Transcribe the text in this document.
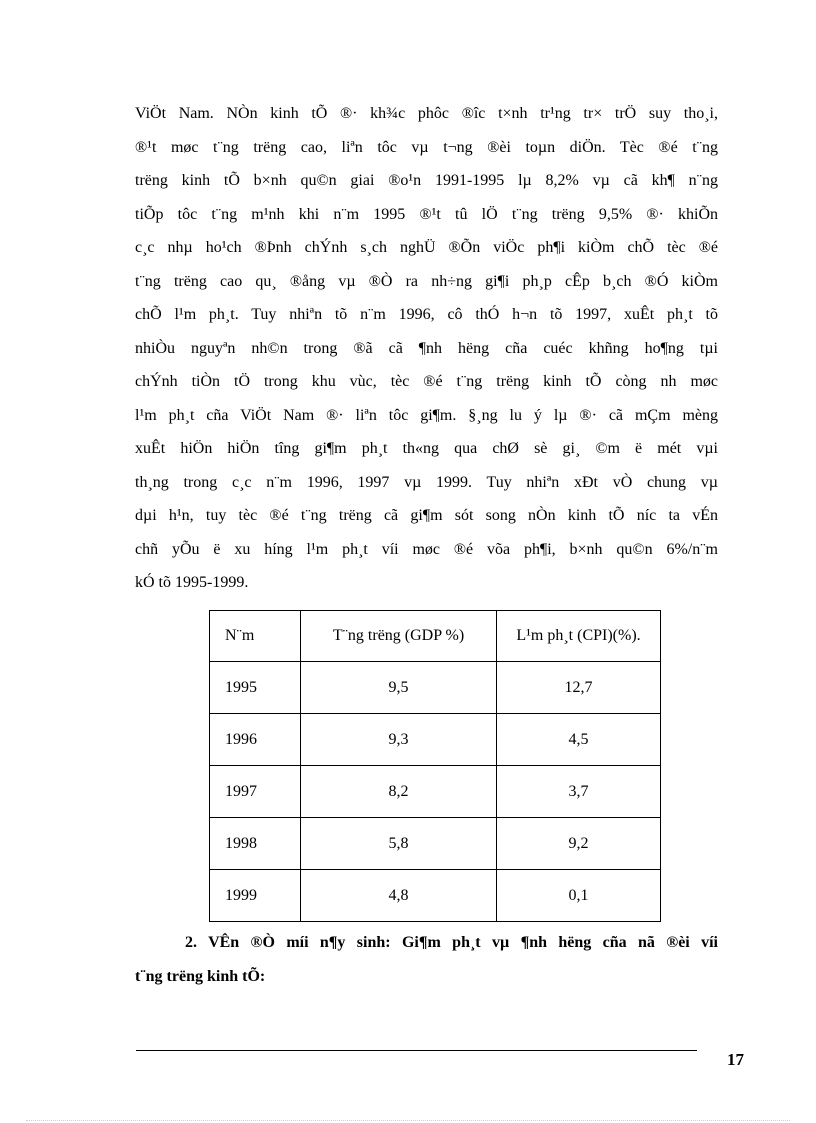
ViÖt Nam. NÒn kinh tÕ ®· kh¾c phôc ®îc t×nh tr¹ng tr× trÖ suy tho¸i,
®¹t møc t¨ng trëng cao, liªn tôc vµ t¬ng ®èi toµn diÖn. Tèc ®é t¨ng
trëng kinh tÕ b×nh qu©n giai ®o¹n 1991-1995 lµ 8,2% vµ cã kh¶ n¨ng
tiÕp tôc t¨ng m¹nh khi n¨m 1995 ®¹t tû lÖ t¨ng trëng 9,5% ®· khiÕn
c¸c nhµ ho¹ch ®Þnh chÝnh s¸ch nghÜ ®Õn viÖc ph¶i kiÒm chÕ tèc ®é
t¨ng trëng cao qu¸ ®ång vµ ®Ò ra nh÷ng gi¶i ph¸p cÊp b¸ch ®Ó kiÒm
chÕ l¹m ph¸t. Tuy nhiªn tõ n¨m 1996, cô thÓ h¬n tõ 1997, xuÊt ph¸t tõ
nhiÒu nguyªn nh©n trong ®ã cã ¶nh hëng cña cuéc khñng ho¶ng tµi
chÝnh tiÒn tÖ trong khu vùc, tèc ®é t¨ng trëng kinh tÕ còng nh møc
l¹m ph¸t cña ViÖt Nam ®· liªn tôc gi¶m. §¸ng lu ý lµ ®· cã mÇm mèng
xuÊt hiÖn hiÖn tîng gi¶m ph¸t th«ng qua chØ sè gi¸ ©m ë mét vµi
th¸ng trong c¸c n¨m 1996, 1997 vµ 1999. Tuy nhiªn xÐt vÒ chung vµ
dµi h¹n, tuy tèc ®é t¨ng trëng cã gi¶m sót song nÒn kinh tÕ níc ta vÉn
chñ yÕu ë xu híng l¹m ph¸t víi møc ®é võa ph¶i, b×nh qu©n 6%/n¨m
kÓ tõ 1995-1999.
N¨m	T¨ng trëng (GDP %)	L¹m ph¸t (CPI)(%).
1995	9,5	12,7
1996	9,3	4,5
1997	8,2	3,7
1998	5,8	9,2
1999	4,8	0,1
2. VÊn ®Ò míi n¶y sinh: Gi¶m ph¸t vµ ¶nh hëng cña nã ®èi víi
t¨ng trëng kinh tÕ:
17
